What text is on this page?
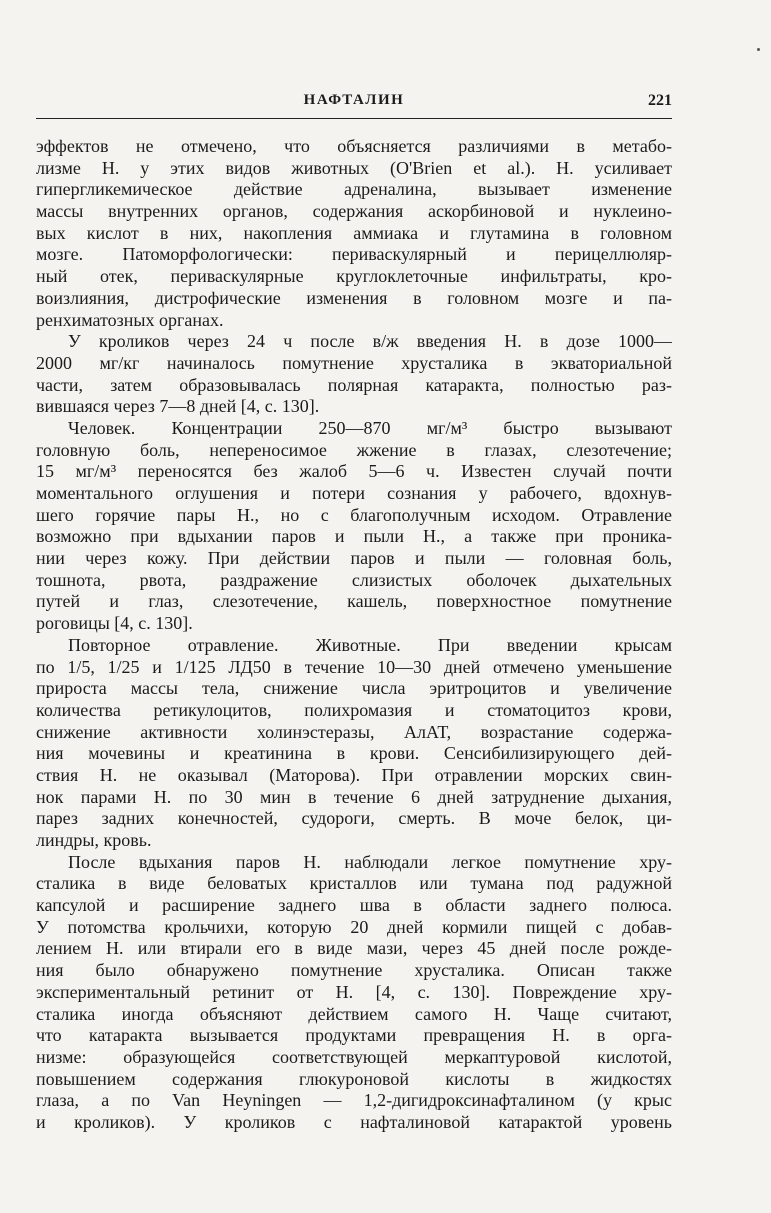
НАФТАЛИН	221
эффектов не отмечено, что объясняется различиями в метабо-
лизме Н. у этих видов животных (O'Brien et al.). Н. усиливает
гипергликемическое действие адреналина, вызывает изменение
массы внутренних органов, содержания аскорбиновой и нуклеино-
вых кислот в них, накопления аммиака и глутамина в головном
мозге. Патоморфологически: периваскулярный и перицеллюляр-
ный отек, периваскулярные круглоклеточные инфильтраты, кро-
воизлияния, дистрофические изменения в головном мозге и па-
ренхиматозных органах.
У кроликов через 24 ч после в/ж введения Н. в дозе 1000—
2000 мг/кг начиналось помутнение хрусталика в экваториальной
части, затем образовывалась полярная катаракта, полностью раз-
вившаяся через 7—8 дней [4, с. 130].
Человек. Концентрации 250—870 мг/м³ быстро вызывают
головную боль, непереносимое жжение в глазах, слезотечение;
15 мг/м³ переносятся без жалоб 5—6 ч. Известен случай почти
моментального оглушения и потери сознания у рабочего, вдохнув-
шего горячие пары Н., но с благополучным исходом. Отравление
возможно при вдыхании паров и пыли Н., а также при проника-
нии через кожу. При действии паров и пыли — головная боль,
тошнота, рвота, раздражение слизистых оболочек дыхательных
путей и глаз, слезотечение, кашель, поверхностное помутнение
роговицы [4, с. 130].
Повторное отравление. Животные. При введении крысам
по 1/5, 1/25 и 1/125 ЛД50 в течение 10—30 дней отмечено уменьшение
прироста массы тела, снижение числа эритроцитов и увеличение
количества ретикулоцитов, полихромазия и стоматоцитоз крови,
снижение активности холинэстеразы, АлАТ, возрастание содержа-
ния мочевины и креатинина в крови. Сенсибилизирующего дей-
ствия Н. не оказывал (Маторова). При отравлении морских свин-
нок парами Н. по 30 мин в течение 6 дней затруднение дыхания,
парез задних конечностей, судороги, смерть. В моче белок, ци-
линдры, кровь.
После вдыхания паров Н. наблюдали легкое помутнение хру-
сталика в виде беловатых кристаллов или тумана под радужной
капсулой и расширение заднего шва в области заднего полюса.
У потомства крольчихи, которую 20 дней кормили пищей с добав-
лением Н. или втирали его в виде мази, через 45 дней после рожде-
ния было обнаружено помутнение хрусталика. Описан также
экспериментальный ретинит от Н. [4, с. 130]. Повреждение хру-
сталика иногда объясняют действием самого Н. Чаще считают,
что катаракта вызывается продуктами превращения Н. в орга-
низме: образующейся соответствующей меркаптуровой кислотой,
повышением содержания глюкуроновой кислоты в жидкостях
глаза, а по Van Heyningen — 1,2-дигидроксинафталином (у крыс
и кроликов). У кроликов с нафталиновой катарактой уровень
